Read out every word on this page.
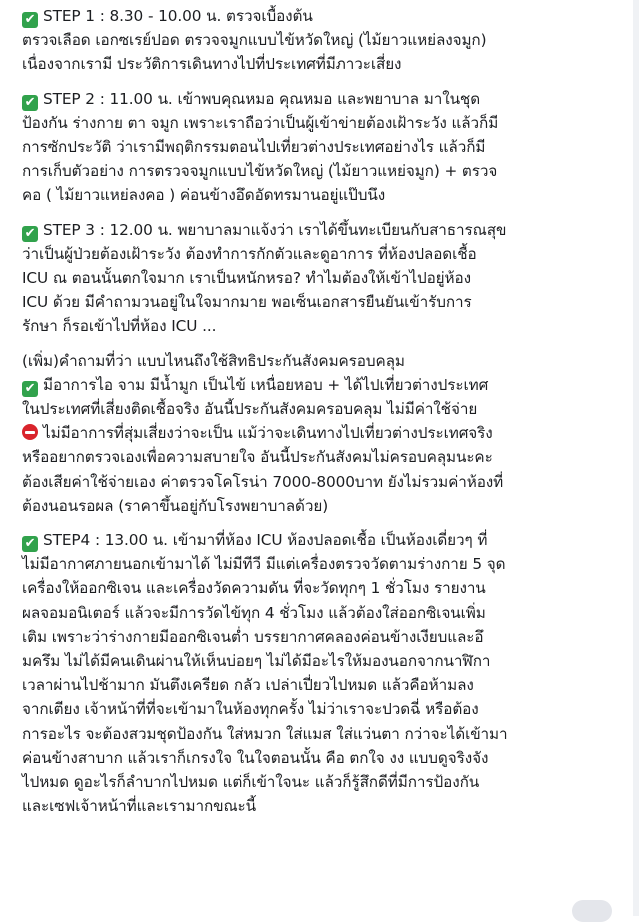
✔ STEP 1 : 8.30 - 10.00 น. ตรวจเบื้องต้น
ตรวจเลือด เอกซเรย์ปอด ตรวจจมูกแบบไข้หวัดใหญ่ (ไม้ยาวแหย่ลงจมูก)
เนื่องจากเรามี ประวัติการเดินทางไปที่ประเทศที่มีภาวะเสี่ยง
✔ STEP 2 : 11.00 น. เข้าพบคุณหมอ คุณหมอ และพยาบาล มาในชุด
ป้องกัน ร่างกาย ตา จมูก เพราะเราถือว่าเป็นผู้เข้าข่ายต้องเฝ้าระวัง แล้วก็มี
การซักประวัติ ว่าเรามีพฤติกรรมตอนไปเที่ยวต่างประเทศอย่างไร แล้วก็มี
การเก็บตัวอย่าง การตรวจจมูกแบบไข้หวัดใหญ่ (ไม้ยาวแหย่จมูก) + ตรวจ
คอ ( ไม้ยาวแหย่ลงคอ ) ค่อนข้างอึดอัดทรมานอยู่แป๊บนึง
✔ STEP 3 : 12.00 น. พยาบาลมาแจ้งว่า เราได้ขึ้นทะเบียนกับสาธารณสุข
ว่าเป็นผู้ป่วยต้องเฝ้าระวัง ต้องทำการกักตัวและดูอาการ ที่ห้องปลอดเชื้อ
ICU ณ ตอนนั้นตกใจมาก เราเป็นหนักหรอ? ทำไมต้องให้เข้าไปอยู่ห้อง
ICU ด้วย มีคำถามวนอยู่ในใจมากมาย พอเซ็นเอกสารยืนยันเข้ารับการ
รักษา ก็รอเข้าไปที่ห้อง ICU ...
(เพิ่ม)คำถามที่ว่า แบบไหนถึงใช้สิทธิประกันสังคมครอบคลุม
✔ มีอาการไอ จาม มีน้ำมูก เป็นไข้ เหนื่อยหอบ + ได้ไปเที่ยวต่างประเทศ
ในประเทศที่เสี่ยงติดเชื้อจริง อันนี้ประกันสังคมครอบคลุม ไม่มีค่าใช้จ่าย
ไม่มีอาการที่สุ่มเสี่ยงว่าจะเป็น แม้ว่าจะเดินทางไปเที่ยวต่างประเทศจริง
หรืออยากตรวจเองเพื่อความสบายใจ อันนี้ประกันสังคมไม่ครอบคลุมนะคะ
ต้องเสียค่าใช้จ่ายเอง ค่าตรวจโคโรน่า 7000-8000บาท ยังไม่รวมค่าห้องที่
ต้องนอนรอผล (ราคาขึ้นอยู่กับโรงพยาบาลด้วย)
✔ STEP4 : 13.00 น. เข้ามาที่ห้อง ICU ห้องปลอดเชื้อ เป็นห้องเดี่ยวๆ ที่
ไม่มีอากาศภายนอกเข้ามาได้ ไม่มีทีวี มีแต่เครื่องตรวจวัดตามร่างกาย 5 จุด
เครื่องให้ออกซิเจน และเครื่องวัดความดัน ที่จะวัดทุกๆ 1 ชั่วโมง รายงาน
ผลจอมอนิเตอร์ แล้วจะมีการวัดไข้ทุก 4 ชั่วโมง แล้วต้องใส่ออกซิเจนเพิ่ม
เติม เพราะว่าร่างกายมีออกซิเจนต่ำ บรรยากาศคลองค่อนข้างเงียบและอึ
มครึม ไม่ได้มีคนเดินผ่านให้เห็นบ่อยๆ ไม่ได้มีอะไรให้มองนอกจากนาฬิกา
เวลาผ่านไปช้ามาก มันตึงเครียด กลัว เปล่าเปี่ยวไปหมด แล้วคือห้ามลง
จากเตียง เจ้าหน้าที่ที่จะเข้ามาในห้องทุกครั้ง ไม่ว่าเราจะปวดฉี่ หรือต้อง
การอะไร จะต้องสวมชุดป้องกัน ใส่หมวก ใส่แมส ใส่แว่นตา กว่าจะได้เข้ามา
ค่อนข้างสาบาก แล้วเราก็เกรงใจ ในใจตอนนั้น คือ ตกใจ งง แบบดูจริงจัง
ไปหมด ดูอะไรก็ลำบากไปหมด แต่ก็เข้าใจนะ แล้วก็รู้สึกดีที่มีการป้องกัน
และเซฟเจ้าหน้าที่และเรามากขณะนี้
